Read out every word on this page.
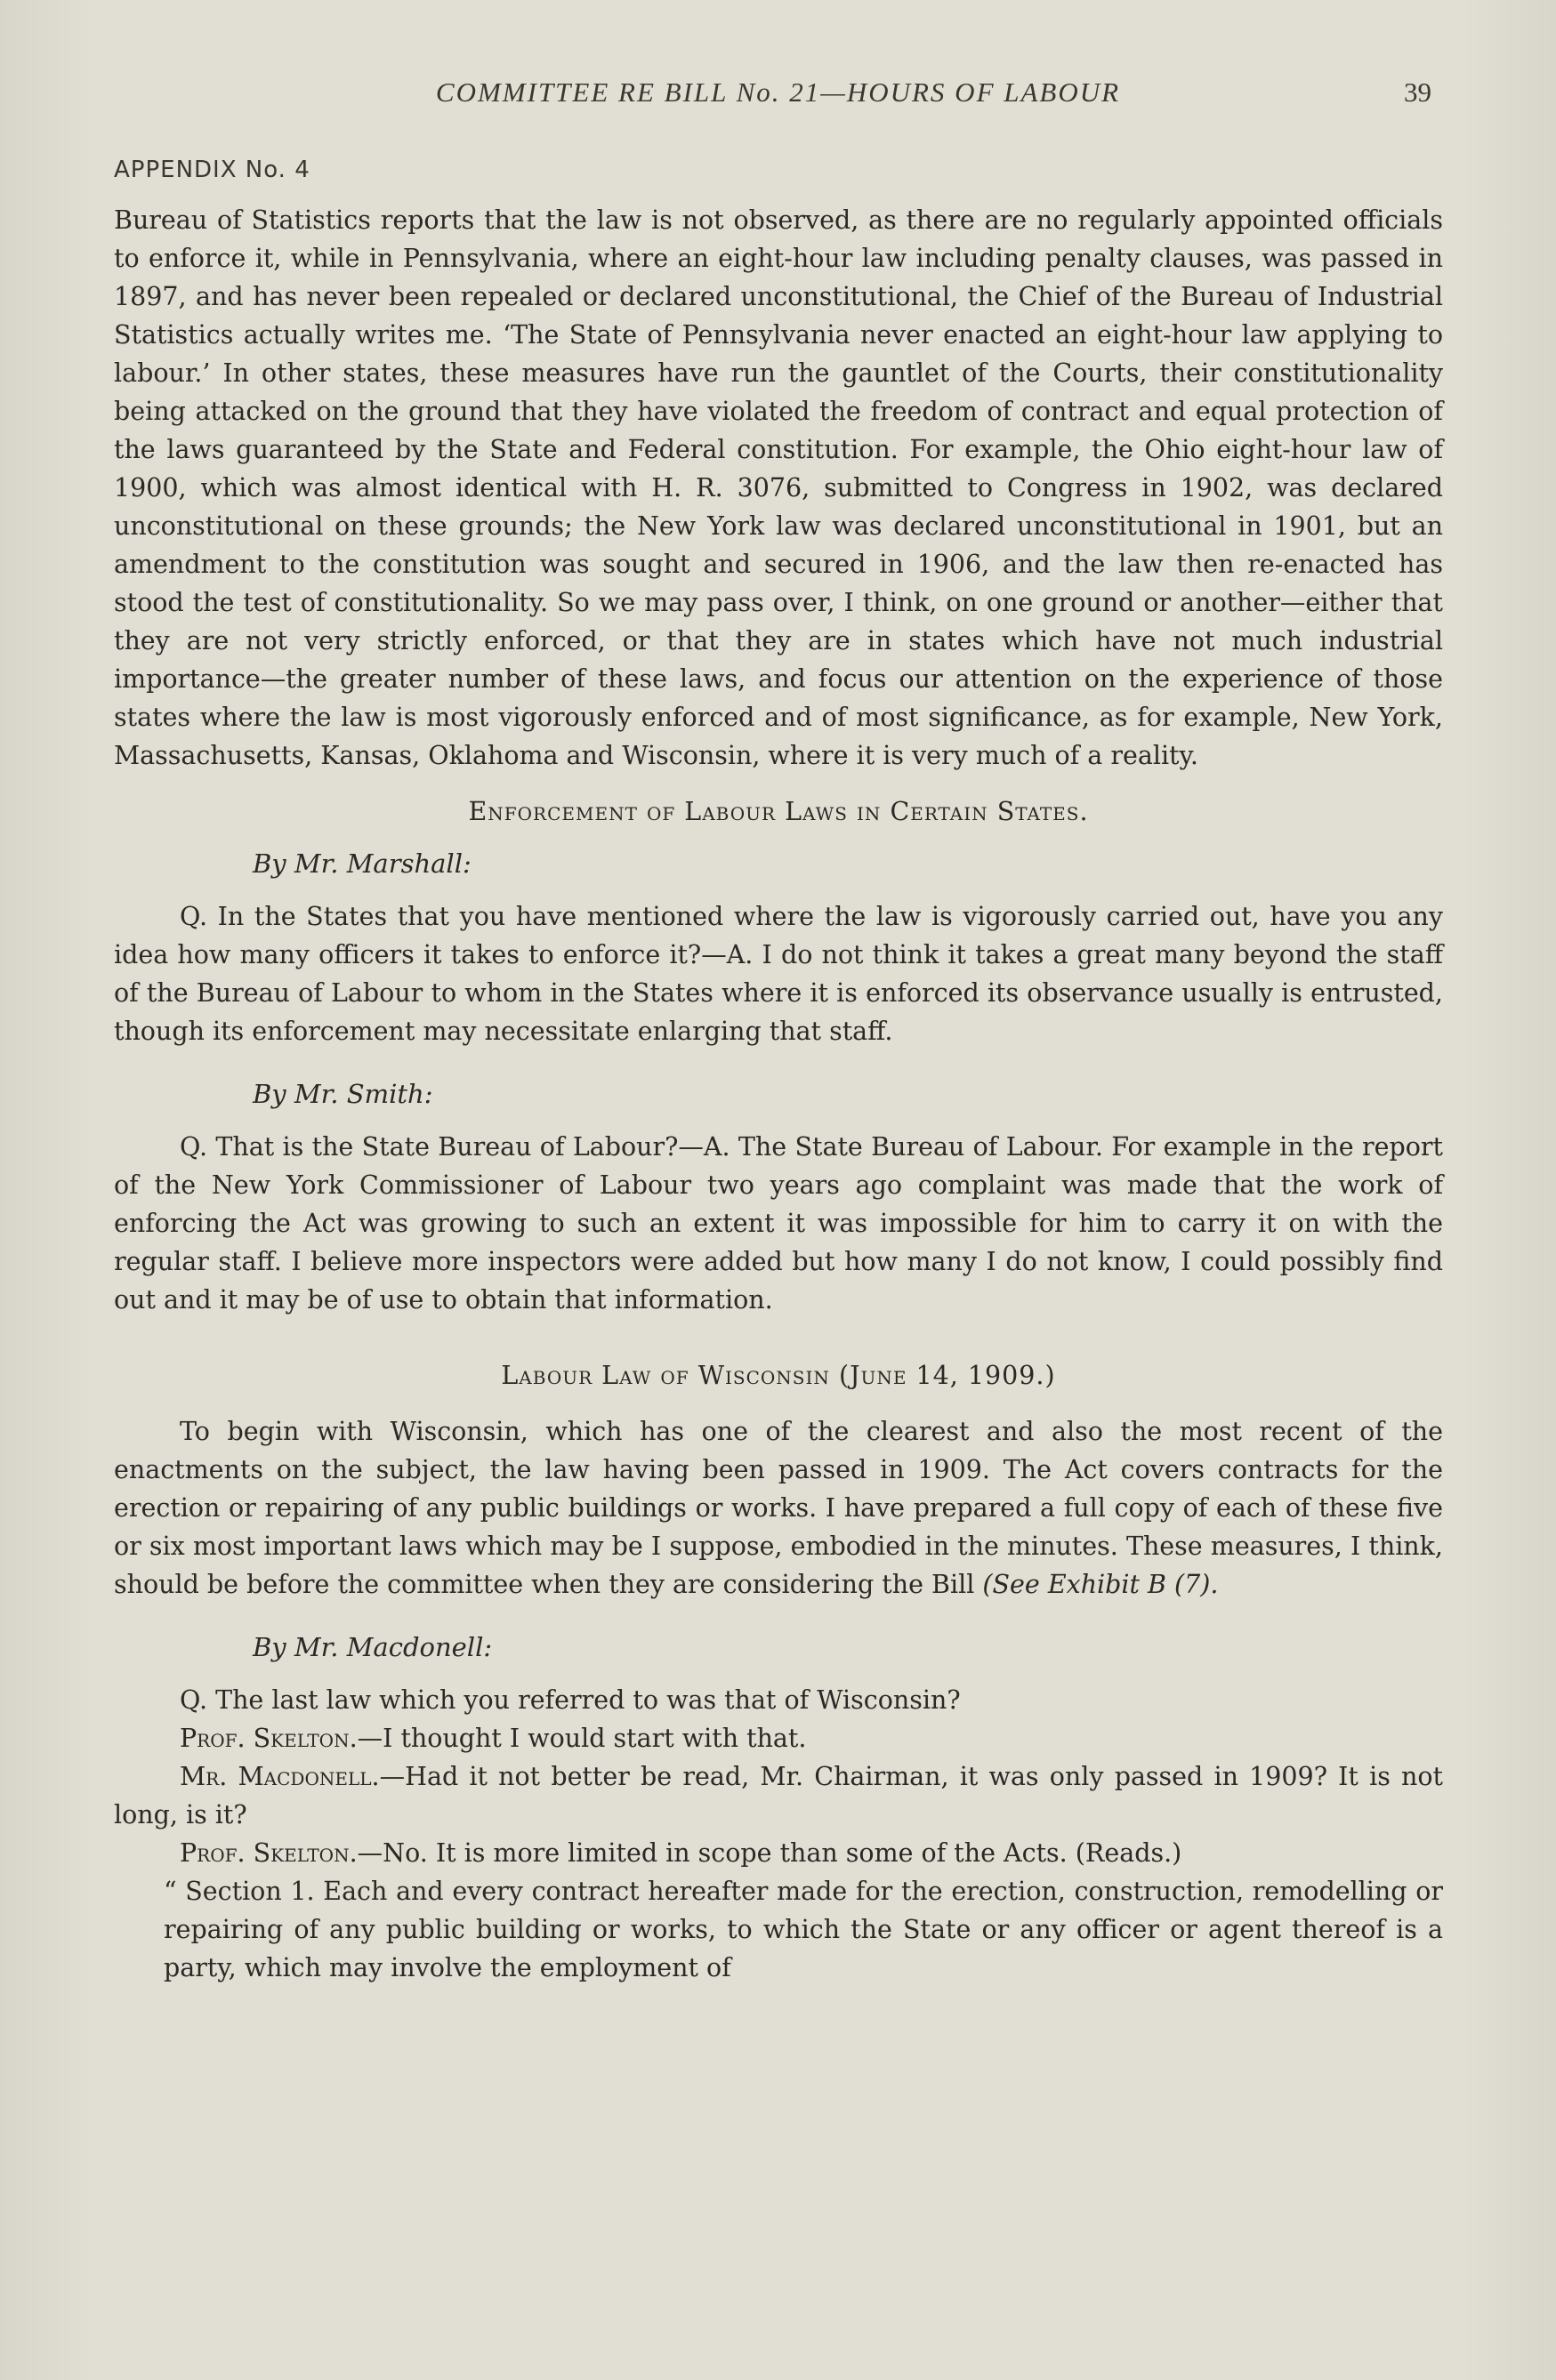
COMMITTEE RE BILL No. 21—HOURS OF LABOUR	39
APPENDIX No. 4

Bureau of Statistics reports that the law is not observed, as there are no regularly appointed officials to enforce it, while in Pennsylvania, where an eight-hour law including penalty clauses, was passed in 1897, and has never been repealed or declared unconstitutional, the Chief of the Bureau of Industrial Statistics actually writes me. ‘The State of Pennsylvania never enacted an eight-hour law applying to labour.’ In other states, these measures have run the gauntlet of the Courts, their constitutionality being attacked on the ground that they have violated the freedom of contract and equal protection of the laws guaranteed by the State and Federal constitution. For example, the Ohio eight-hour law of 1900, which was almost identical with H. R. 3076, submitted to Congress in 1902, was declared unconstitutional on these grounds; the New York law was declared unconstitutional in 1901, but an amendment to the constitution was sought and secured in 1906, and the law then re-enacted has stood the test of constitutionality. So we may pass over, I think, on one ground or another—either that they are not very strictly enforced, or that they are in states which have not much industrial importance—the greater number of these laws, and focus our attention on the experience of those states where the law is most vigorously enforced and of most significance, as for example, New York, Massachusetts, Kansas, Oklahoma and Wisconsin, where it is very much of a reality.

Enforcement of Labour Laws in Certain States.

By Mr. Marshall:

Q. In the States that you have mentioned where the law is vigorously carried out, have you any idea how many officers it takes to enforce it?—A. I do not think it takes a great many beyond the staff of the Bureau of Labour to whom in the States where it is enforced its observance usually is entrusted, though its enforcement may necessitate enlarging that staff.

By Mr. Smith:

Q. That is the State Bureau of Labour?—A. The State Bureau of Labour. For example in the report of the New York Commissioner of Labour two years ago complaint was made that the work of enforcing the Act was growing to such an extent it was impossible for him to carry it on with the regular staff. I believe more inspectors were added but how many I do not know, I could possibly find out and it may be of use to obtain that information.

Labour Law of Wisconsin (June 14, 1909.)

To begin with Wisconsin, which has one of the clearest and also the most recent of the enactments on the subject, the law having been passed in 1909. The Act covers contracts for the erection or repairing of any public buildings or works. I have prepared a full copy of each of these five or six most important laws which may be I suppose, embodied in the minutes. These measures, I think, should be before the committee when they are considering the Bill (See Exhibit B (7).

By Mr. Macdonell:

Q. The last law which you referred to was that of Wisconsin?

Prof. Skelton.—I thought I would start with that.

Mr. Macdonell.—Had it not better be read, Mr. Chairman, it was only passed in 1909? It is not long, is it?

Prof. Skelton.—No. It is more limited in scope than some of the Acts. (Reads.)

“ Section 1. Each and every contract hereafter made for the erection, construction, remodelling or repairing of any public building or works, to which the State or any officer or agent thereof is a party, which may involve the employment of
